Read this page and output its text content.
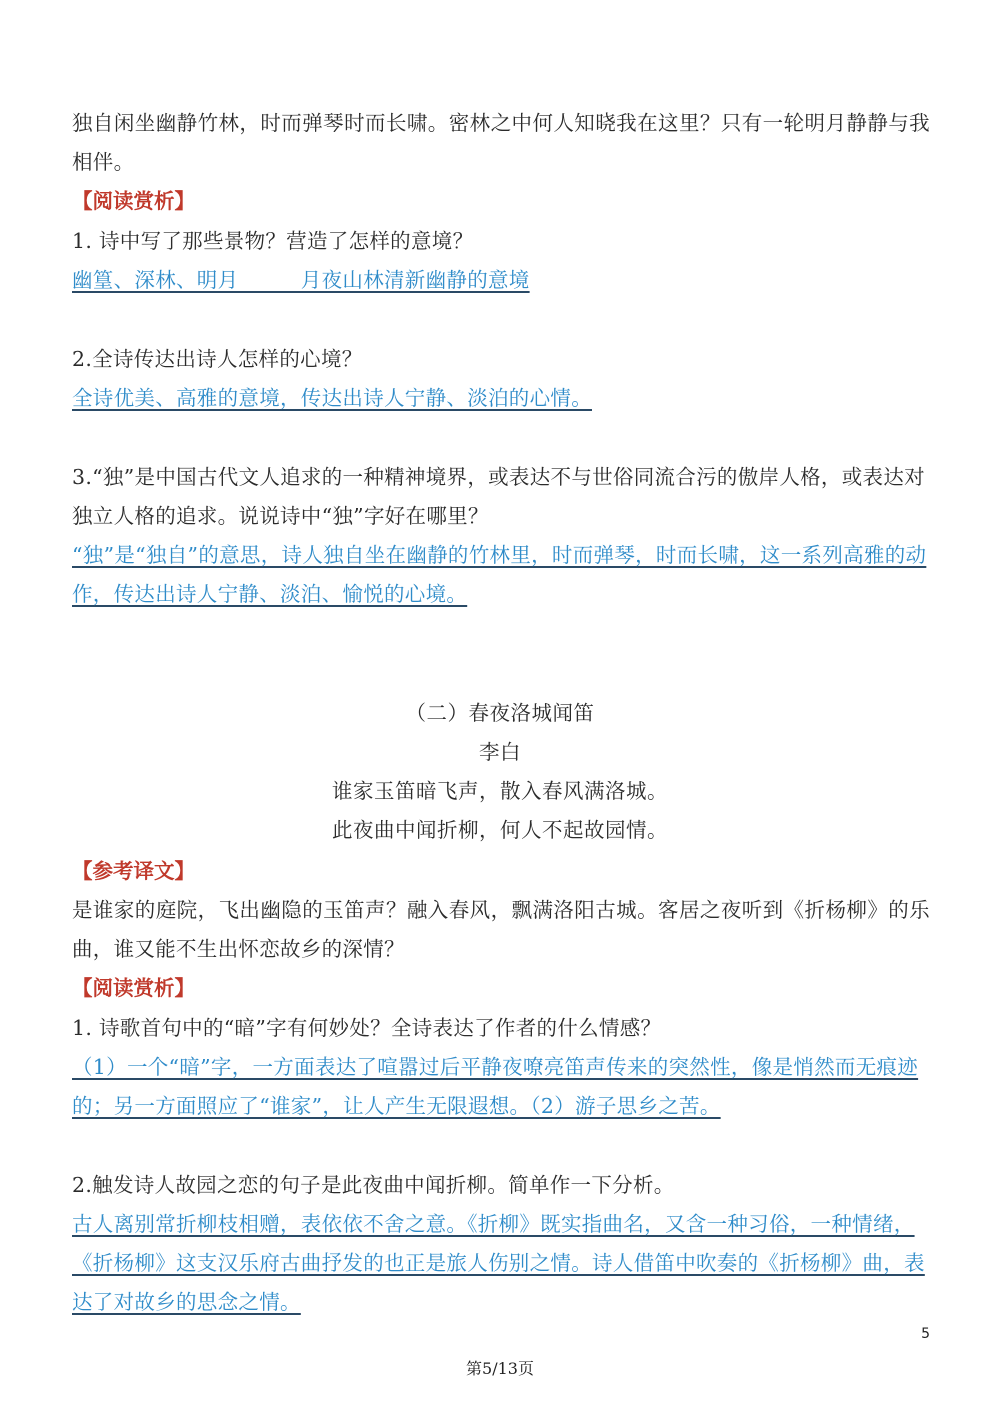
独自闲坐幽静竹林，时而弹琴时而长啸。密林之中何人知晓我在这里？只有一轮明月静静与我相伴。
【阅读赏析】
1. 诗中写了那些景物？营造了怎样的意境？
幽篁、深林、明月　　　月夜山林清新幽静的意境
2.全诗传达出诗人怎样的心境？
全诗优美、高雅的意境，传达出诗人宁静、淡泊的心情。
3.“独”是中国古代文人追求的一种精神境界，或表达不与世俗同流合污的傲岸人格，或表达对独立人格的追求。说说诗中“独”字好在哪里？
“独”是“独自”的意思，诗人独自坐在幽静的竹林里，时而弹琴，时而长啸，这一系列高雅的动作，传达出诗人宁静、淡泊、愉悦的心境。
（二）春夜洛城闻笛
李白
谁家玉笛暗飞声，散入春风满洛城。
此夜曲中闻折柳，何人不起故园情。
【参考译文】
是谁家的庭院，飞出幽隐的玉笛声？融入春风，飘满洛阳古城。客居之夜听到《折杨柳》的乐曲，谁又能不生出怀恋故乡的深情？
【阅读赏析】
1. 诗歌首句中的“暗”字有何妙处？全诗表达了作者的什么情感？
（1）一个“暗”字，一方面表达了喧嚣过后平静夜嘹亮笛声传来的突然性，像是悄然而无痕迹的；另一方面照应了“谁家”，让人产生无限遐想。（2）游子思乡之苦。
2.触发诗人故园之恋的句子是此夜曲中闻折柳。简单作一下分析。
古人离别常折柳枝相赠，表依依不舍之意。《折柳》既实指曲名，又含一种习俗，一种情绪，《折杨柳》这支汉乐府古曲抒发的也正是旅人伤别之情。诗人借笛中吹奏的《折杨柳》曲，表达了对故乡的思念之情。
5
第5/13页
